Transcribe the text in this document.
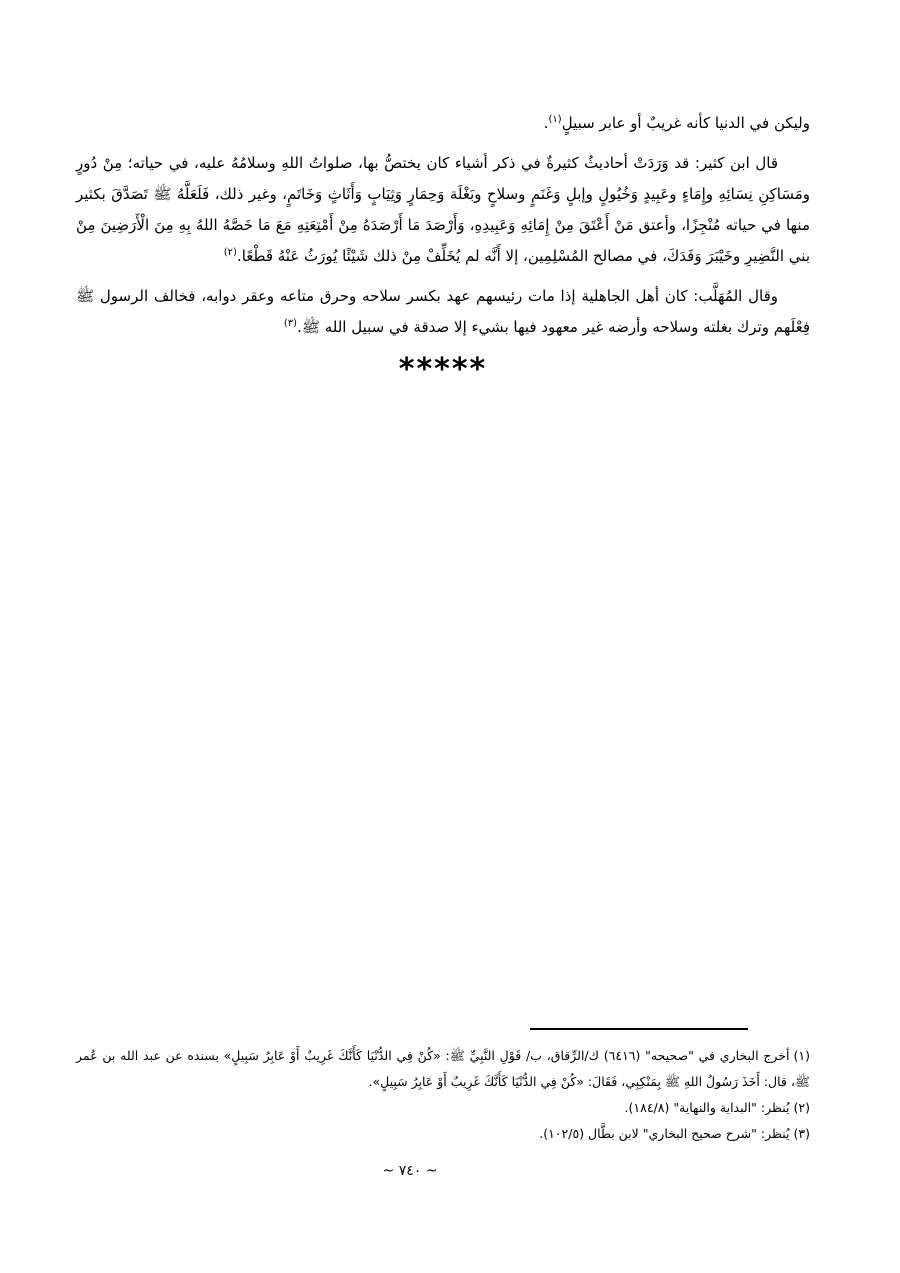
وليكن في الدنيا كأنه غريبٌ أو عابر سبيلٍ$^{(١)}$.

قال ابن كثير: قد وَرَدَتْ أحاديثُ كثيرةٌ في ذكر أشياء كان يختصُّ بها، صلواتُ اللهِ وسلامُهُ عليه، في حياته؛ مِنْ دُورٍ ومَسَاكِنِ نِسَائِهِ وإِمَاءٍ وعَبِيدٍ وَخُيُولٍ وإبلٍ وَغَنَمٍ وسلاحٍ وبَغْلَة وَحِمَارٍ وَثِيَابٍ وَأَثَاثٍ وَخَاتَمٍ، وغير ذلك، فَلَعَلَّهُ ﷺ تَصَدَّقَ بكثير منها في حياته مُنْجِزًا، وأعتق مَنْ أَعْتَقَ مِنْ إِمَائِهِ وَعَبِيدِهِ، وَأَرْصَدَ مَا أَرْصَدَهُ مِنْ أَمْتِعَتِهِ مَعَ مَا خَصَّهُ اللهُ بِهِ مِنَ الْأَرَضِينَ مِنْ بني النَّضِيرِ وخَيْبَرَ وَفَدَكَ، في مصالح المُسْلِمِين، إلا أَنَّه لم يُخَلِّفْ مِنْ ذلك شَيْئًا يُورَثُ عَنْهُ قَطْعًا.$^{(٢)}$

وقال المُهَلَّب: كان أهل الجاهلية إذا مات رئيسهم عهد بكسر سلاحه وحرق متاعه وعقر دوابه، فخالف الرسول ﷺ فِعْلَهم وترك بغلته وسلاحه وأرضه غير معهود فيها بشيء إلا صدقة في سبيل الله ﷺ.$^{(٣)}$

*****

(١)أخرج البخاري في "صحيحه" (٦٤١٦) ك/الرِّقاق، ب/ قَوْلِ النَّبِيِّ ﷺ: «كُنْ فِي الدُّنْيَا كَأَنَّكَ غَرِيبٌ أَوْ عَابِرُ سَبِيلٍ» بسنده عن عبد الله بن عُمر ﷺ، قال: أَخَذَ رَسُولُ اللهِ ﷺ بِمَنْكِبِي، فَقَالَ: «كُنْ فِي الدُّنْيَا كَأَنَّكَ غَرِيبٌ أَوْ عَابِرُ سَبِيلٍ».

(٢)يُنظر: "البداية والنهاية" (١٨٤/٨).

(٣)يُنظر: "شرح صحيح البخاري" لابن بطَّال (١٠٢/٥).

~ ٧٤٠ ~
